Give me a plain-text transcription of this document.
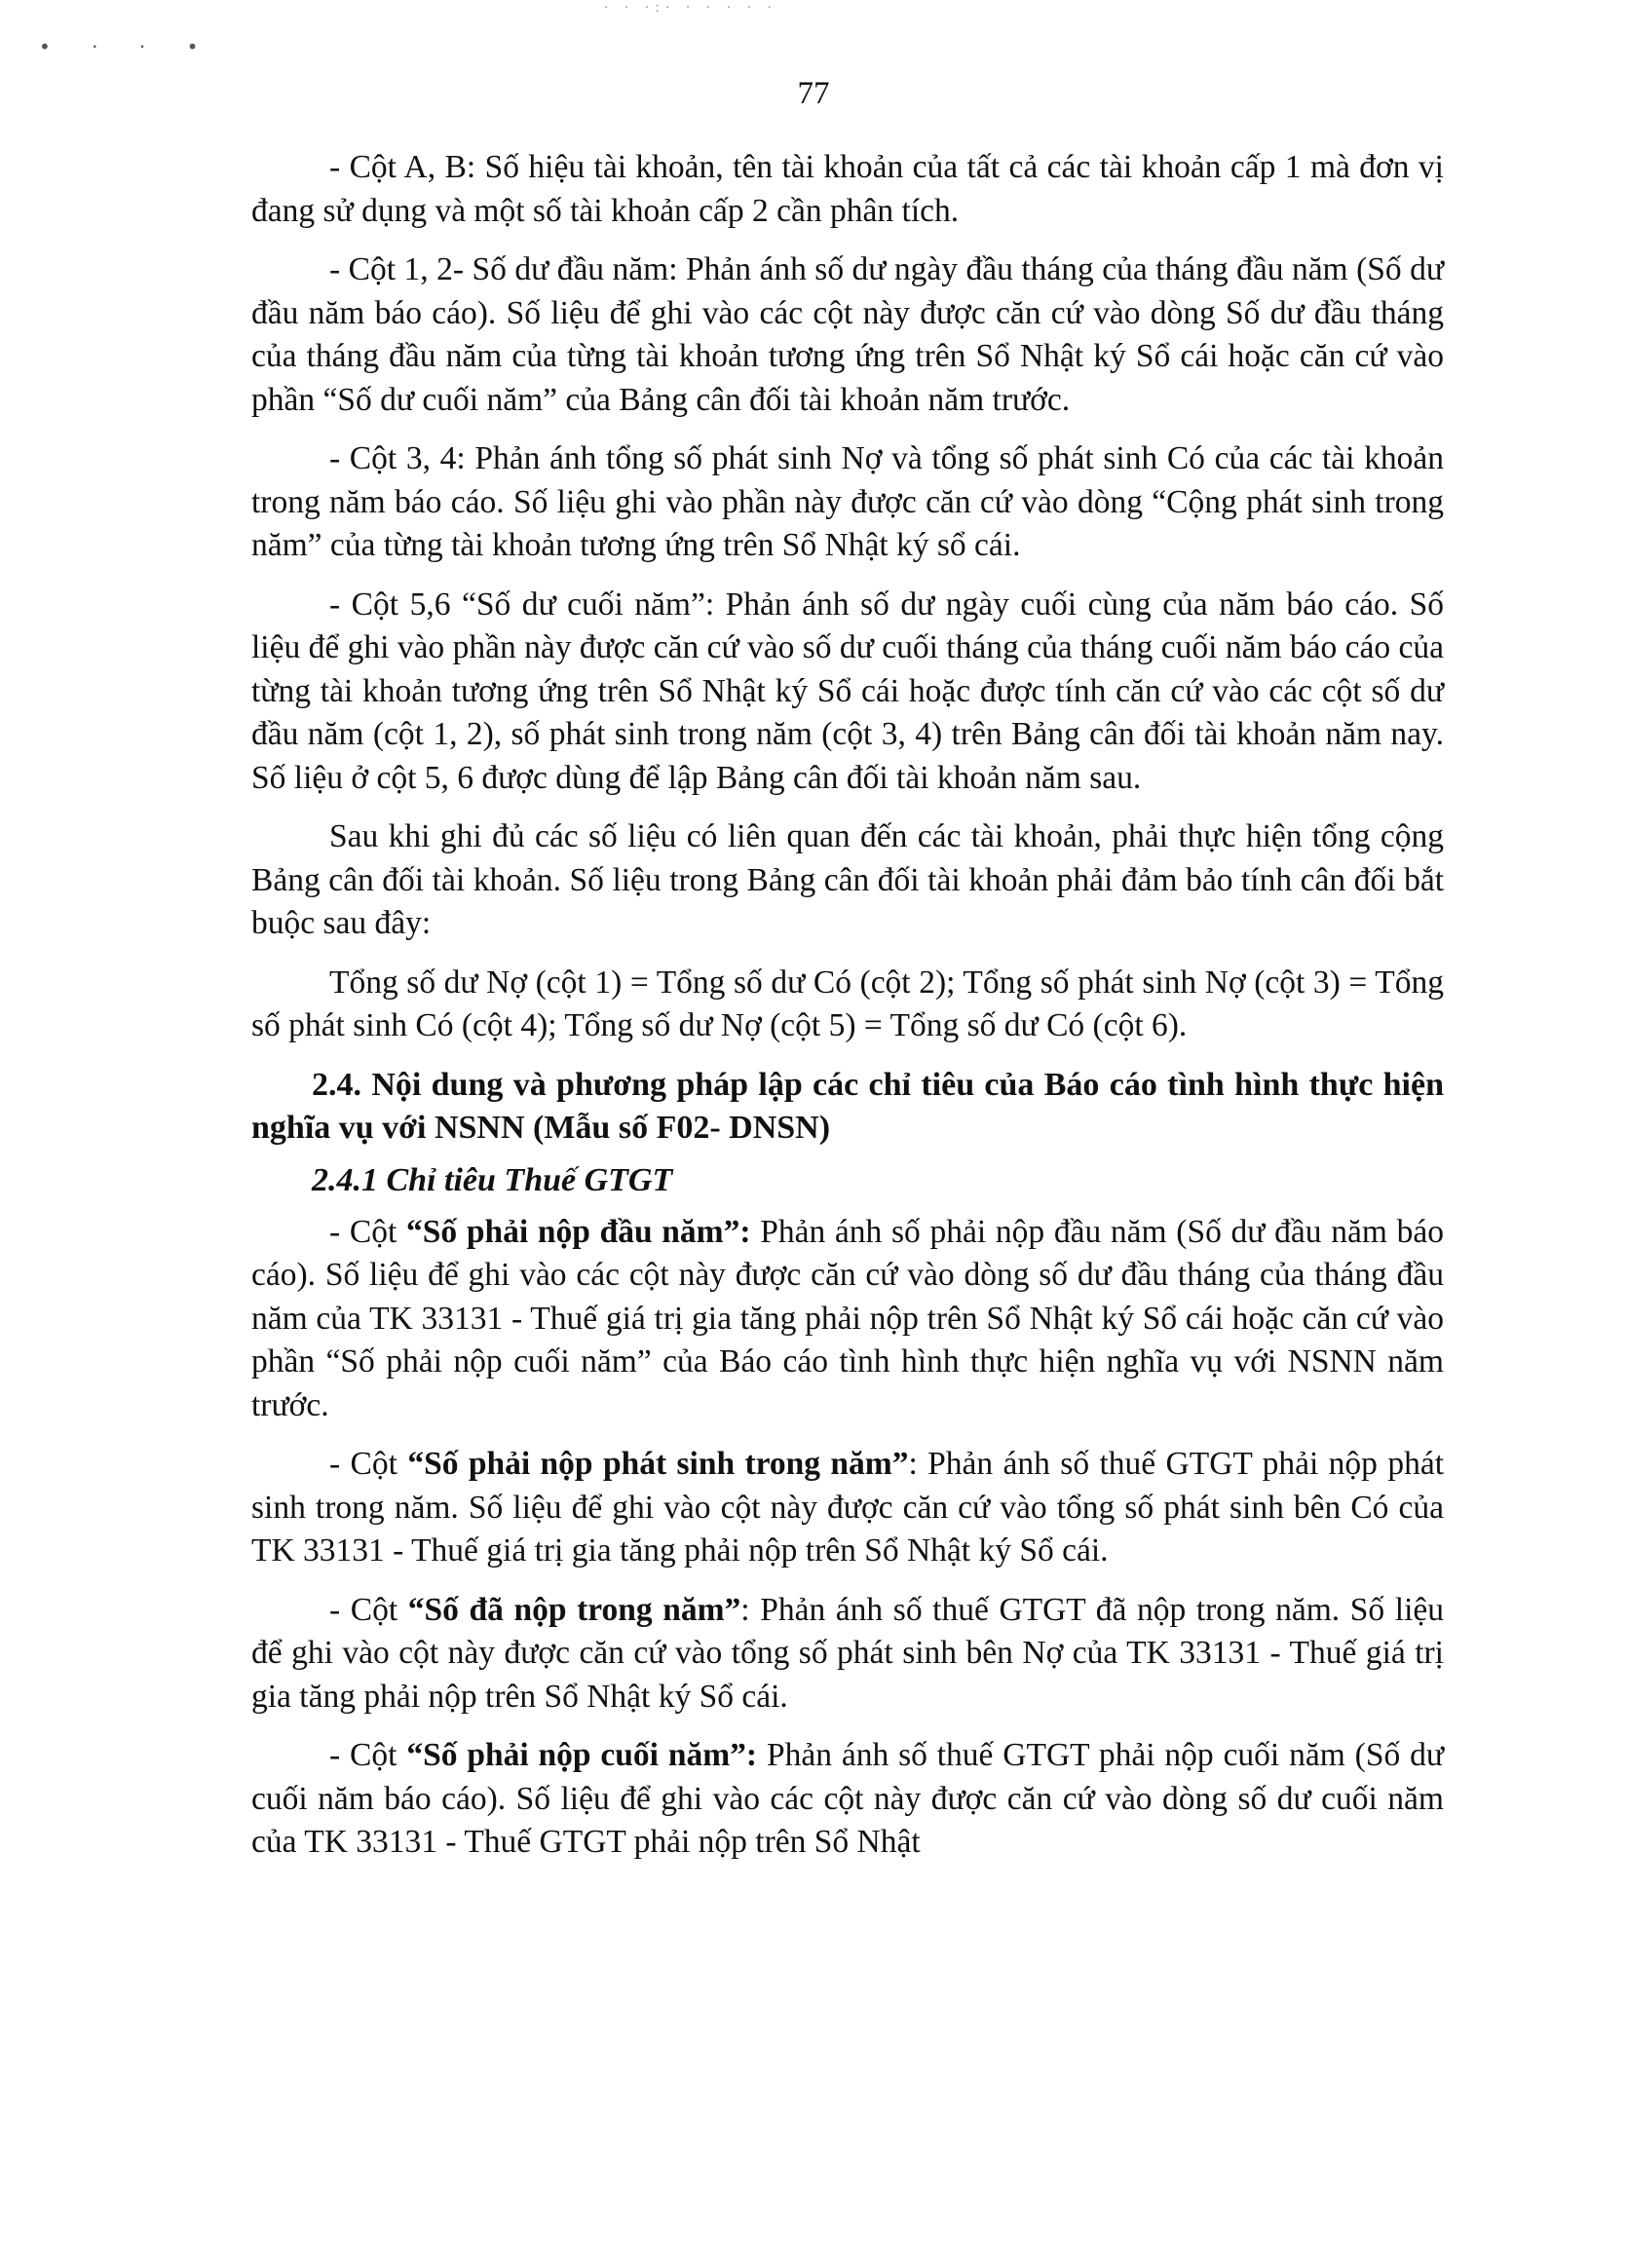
• · · •
· · ·:· · · · · ·
77

- Cột A, B: Số hiệu tài khoản, tên tài khoản của tất cả các tài khoản cấp 1 mà đơn vị đang sử dụng và một số tài khoản cấp 2 cần phân tích.

- Cột 1, 2- Số dư đầu năm: Phản ánh số dư ngày đầu tháng của tháng đầu năm (Số dư đầu năm báo cáo). Số liệu để ghi vào các cột này được căn cứ vào dòng Số dư đầu tháng của tháng đầu năm của từng tài khoản tương ứng trên Sổ Nhật ký Sổ cái hoặc căn cứ vào phần “Số dư cuối năm” của Bảng cân đối tài khoản năm trước.

- Cột 3, 4: Phản ánh tổng số phát sinh Nợ và tổng số phát sinh Có của các tài khoản trong năm báo cáo. Số liệu ghi vào phần này được căn cứ vào dòng “Cộng phát sinh trong năm” của từng tài khoản tương ứng trên Sổ Nhật ký sổ cái.

- Cột 5,6 “Số dư cuối năm”: Phản ánh số dư ngày cuối cùng của năm báo cáo. Số liệu để ghi vào phần này được căn cứ vào số dư cuối tháng của tháng cuối năm báo cáo của từng tài khoản tương ứng trên Sổ Nhật ký Sổ cái hoặc được tính căn cứ vào các cột số dư đầu năm (cột 1, 2), số phát sinh trong năm (cột 3, 4) trên Bảng cân đối tài khoản năm nay. Số liệu ở cột 5, 6 được dùng để lập Bảng cân đối tài khoản năm sau.

Sau khi ghi đủ các số liệu có liên quan đến các tài khoản, phải thực hiện tổng cộng Bảng cân đối tài khoản. Số liệu trong Bảng cân đối tài khoản phải đảm bảo tính cân đối bắt buộc sau đây:

Tổng số dư Nợ (cột 1) = Tổng số dư Có (cột 2); Tổng số phát sinh Nợ (cột 3) = Tổng số phát sinh Có (cột 4); Tổng số dư Nợ (cột 5) = Tổng số dư Có (cột 6).

2.4. Nội dung và phương pháp lập các chỉ tiêu của Báo cáo tình hình thực hiện nghĩa vụ với NSNN (Mẫu số F02- DNSN)

2.4.1 Chỉ tiêu Thuế GTGT

- Cột “Số phải nộp đầu năm”: Phản ánh số phải nộp đầu năm (Số dư đầu năm báo cáo). Số liệu để ghi vào các cột này được căn cứ vào dòng số dư đầu tháng của tháng đầu năm của TK 33131 - Thuế giá trị gia tăng phải nộp trên Sổ Nhật ký Sổ cái hoặc căn cứ vào phần “Số phải nộp cuối năm” của Báo cáo tình hình thực hiện nghĩa vụ với NSNN năm trước.

- Cột “Số phải nộp phát sinh trong năm”: Phản ánh số thuế GTGT phải nộp phát sinh trong năm. Số liệu để ghi vào cột này được căn cứ vào tổng số phát sinh bên Có của TK 33131 - Thuế giá trị gia tăng phải nộp trên Sổ Nhật ký Sổ cái.

- Cột “Số đã nộp trong năm”: Phản ánh số thuế GTGT đã nộp trong năm. Số liệu để ghi vào cột này được căn cứ vào tổng số phát sinh bên Nợ của TK 33131 - Thuế giá trị gia tăng phải nộp trên Sổ Nhật ký Sổ cái.

- Cột “Số phải nộp cuối năm”: Phản ánh số thuế GTGT phải nộp cuối năm (Số dư cuối năm báo cáo). Số liệu để ghi vào các cột này được căn cứ vào dòng số dư cuối năm của TK 33131 - Thuế GTGT phải nộp trên Sổ Nhật
